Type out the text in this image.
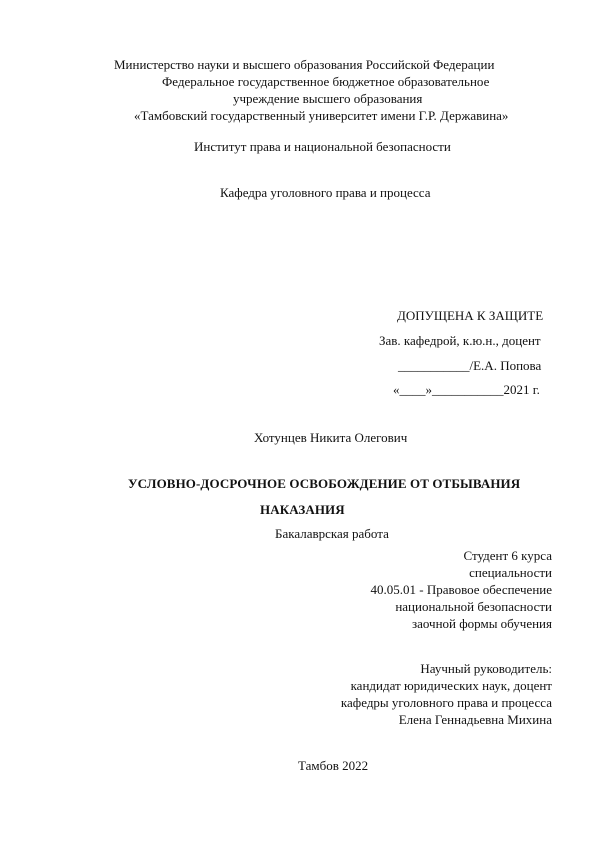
Министерство науки и высшего образования Российской Федерации
Федеральное государственное бюджетное образовательное
учреждение высшего образования
«Тамбовский государственный университет имени Г.Р. Державина»
Институт права и национальной безопасности
Кафедра уголовного права и процесса
ДОПУЩЕНА К ЗАЩИТЕ
Зав. кафедрой, к.ю.н., доцент
___________/Е.А. Попова
«____»___________2021 г.
Хотунцев Никита Олегович
УСЛОВНО-ДОСРОЧНОЕ ОСВОБОЖДЕНИЕ ОТ ОТБЫВАНИЯ
НАКАЗАНИЯ
Бакалаврская работа
Студент 6 курса
специальности
40.05.01 - Правовое обеспечение
национальной безопасности
заочной формы обучения
Научный руководитель:
кандидат юридических наук, доцент
кафедры уголовного права и процесса
Елена Геннадьевна Михина
Тамбов 2022
